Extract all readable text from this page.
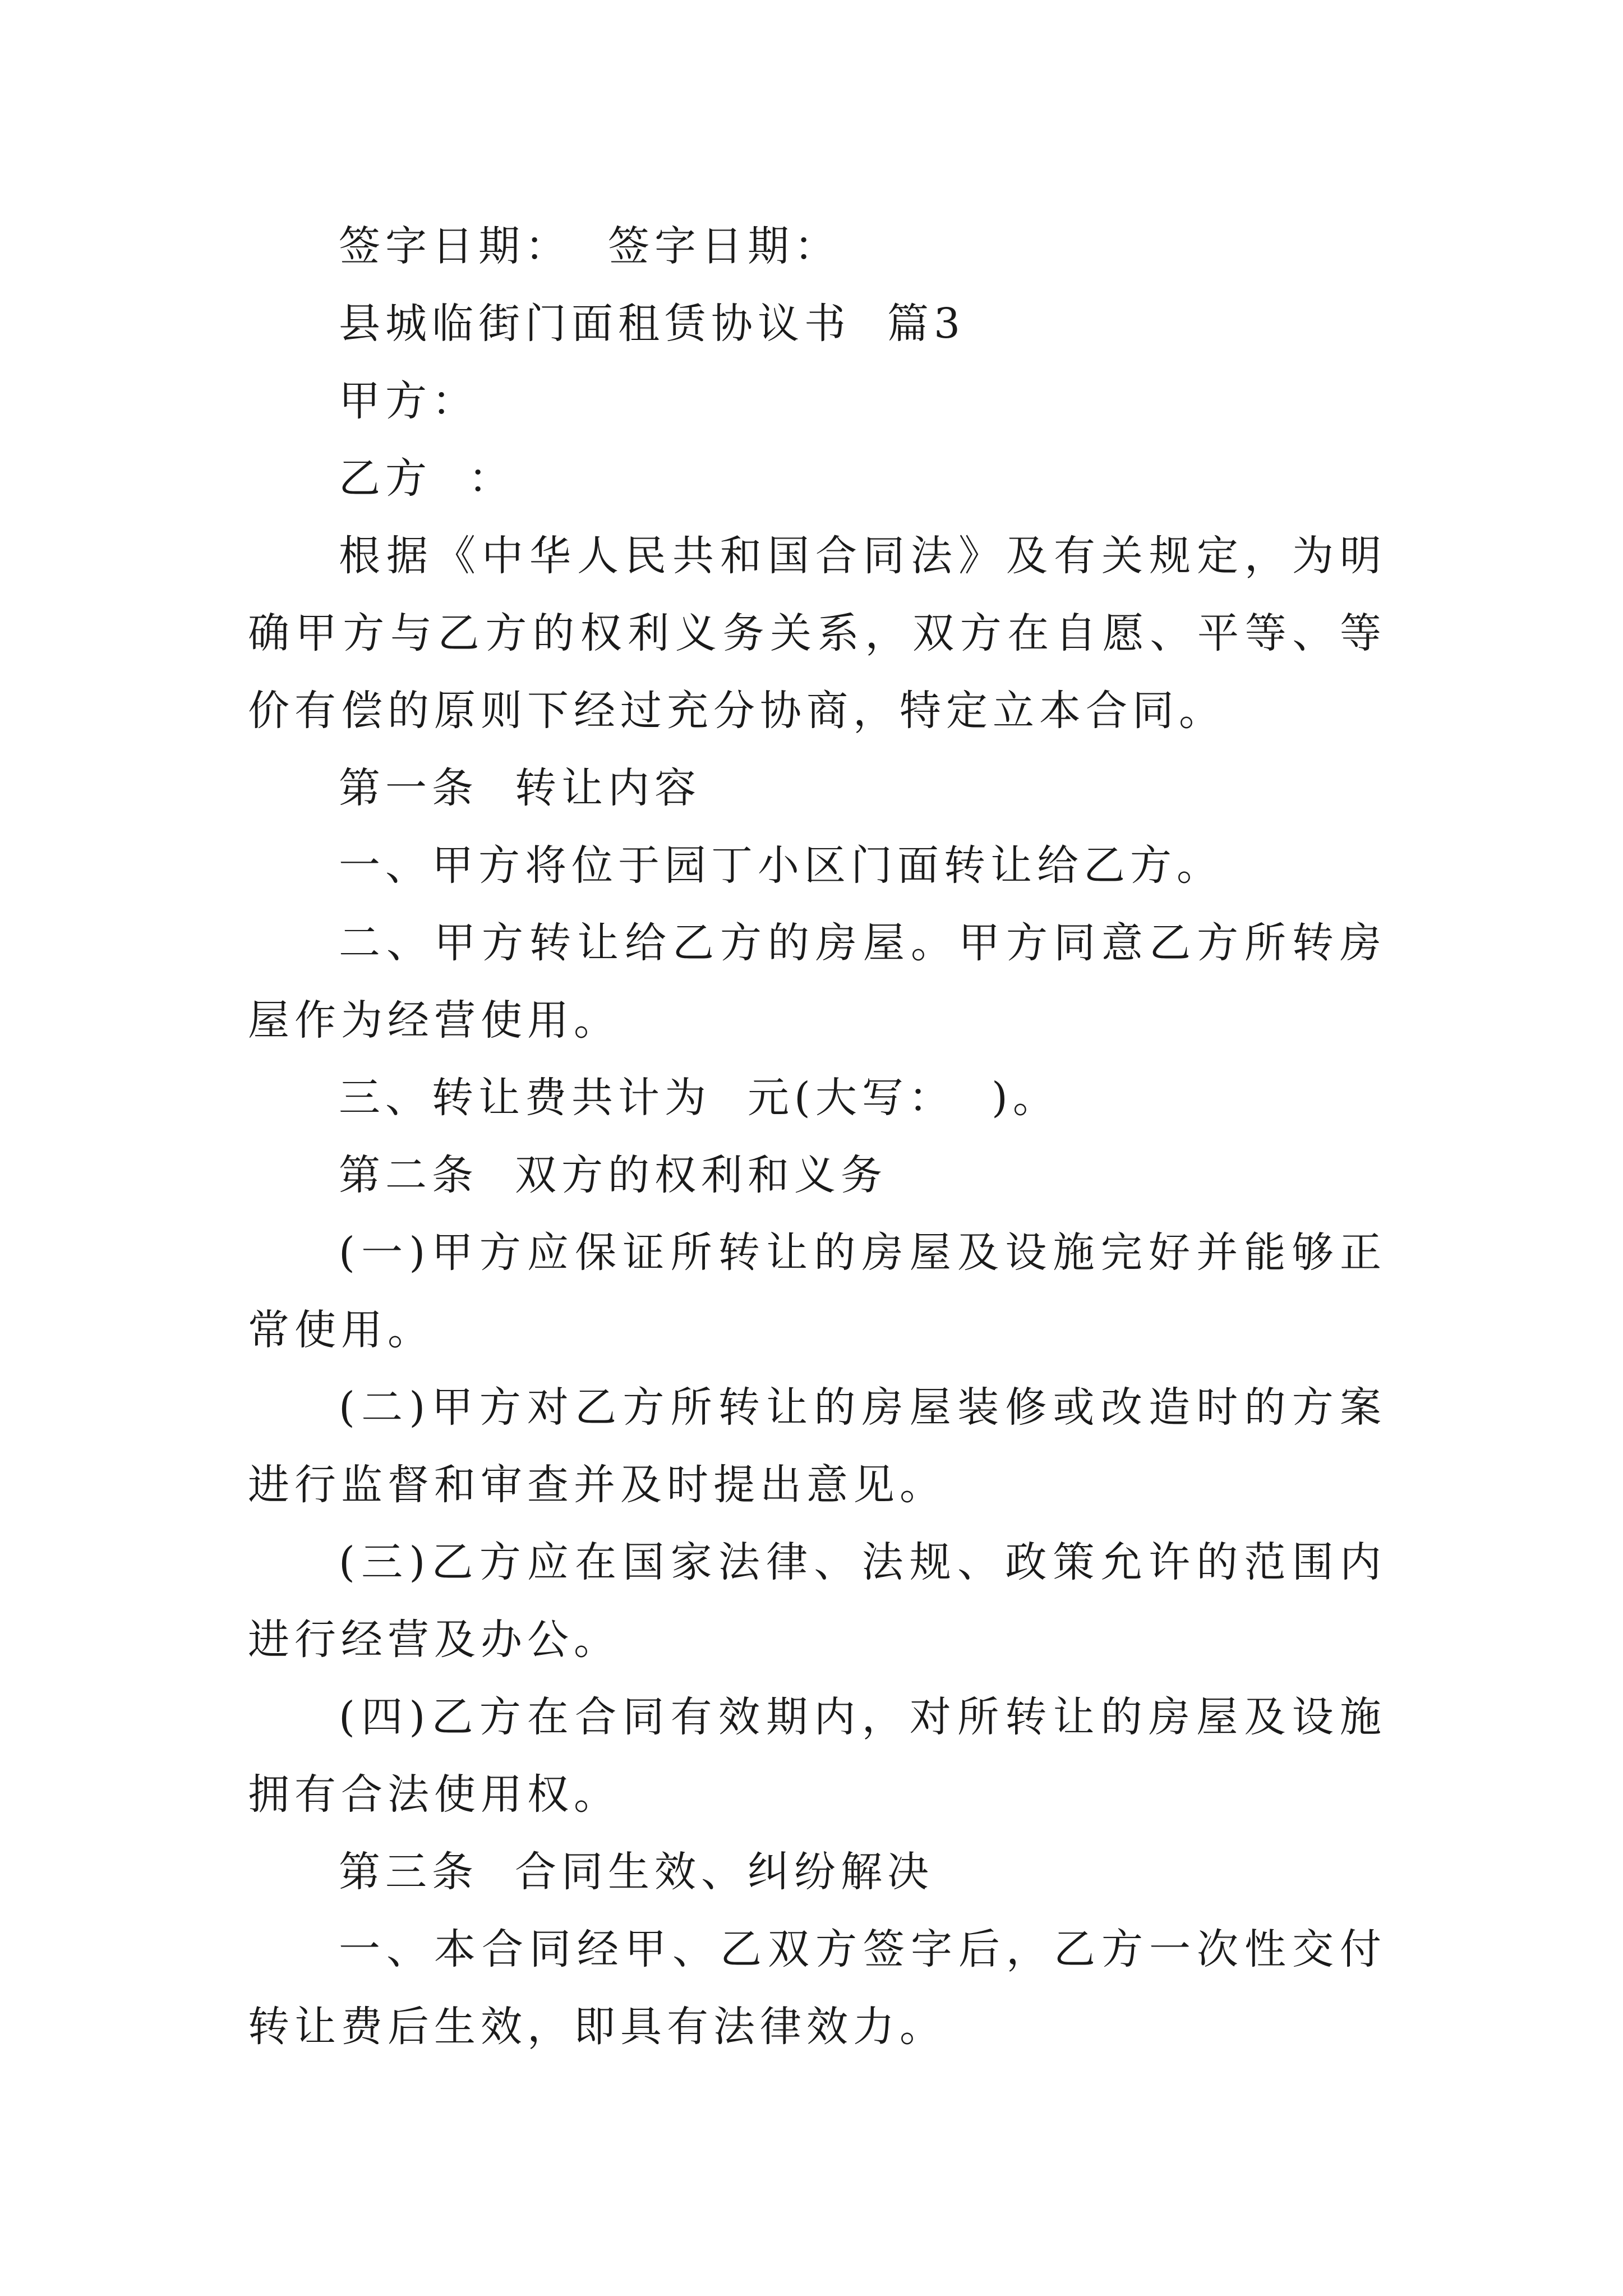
签字日期：  签字日期：

县城临街门面租赁协议书  篇3

甲方：

乙方  ：

根据《中华人民共和国合同法》及有关规定，为明确甲方与乙方的权利义务关系，双方在自愿、平等、等价有偿的原则下经过充分协商，特定立本合同。

第一条  转让内容

一、甲方将位于园丁小区门面转让给乙方。

二、甲方转让给乙方的房屋。甲方同意乙方所转房屋作为经营使用。

三、转让费共计为  元(大写：  )。

第二条  双方的权利和义务

(一)甲方应保证所转让的房屋及设施完好并能够正常使用。

(二)甲方对乙方所转让的房屋装修或改造时的方案进行监督和审查并及时提出意见。

(三)乙方应在国家法律、法规、政策允许的范围内进行经营及办公。

(四)乙方在合同有效期内，对所转让的房屋及设施拥有合法使用权。

第三条  合同生效、纠纷解决

一、本合同经甲、乙双方签字后，乙方一次性交付转让费后生效，即具有法律效力。
